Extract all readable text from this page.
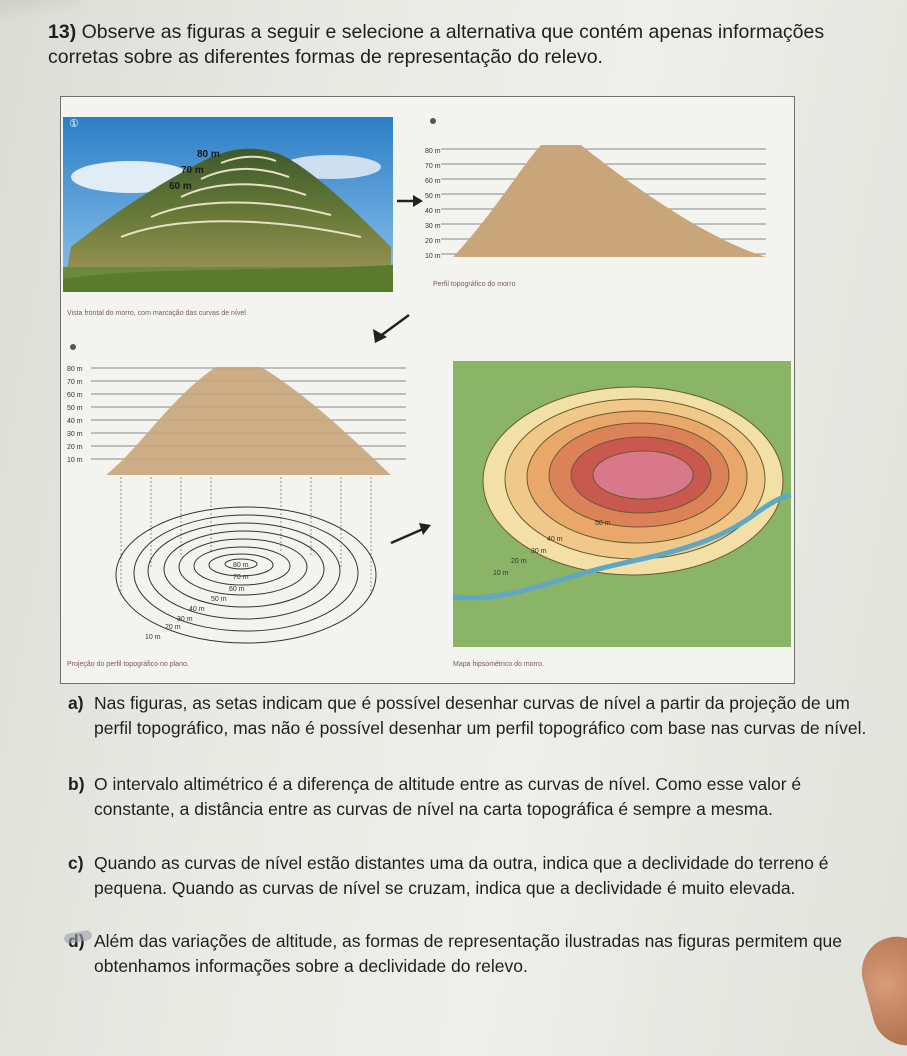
13) Observe as figuras a seguir e selecione a alternativa que contém apenas informações corretas sobre as diferentes formas de representação do relevo.
80 m
70 m
60 m
①
80 m
70 m
60 m
50 m
40 m
30 m
20 m
10 m
80 m
70 m
60 m
50 m
40 m
30 m
20 m
10 m
80 m
70 m
60 m
50 m
40 m
30 m
20 m
10 m
50 m
40 m
30 m
20 m
10 m
Vista frontal do morro, com marcação das curvas de nível
Perfil topográfico do morro
Projeção do perfil topográfico no plano.	Mapa hipsométrico do morro.
a) Nas figuras, as setas indicam que é possível desenhar curvas de nível a partir da projeção de um perfil topográfico, mas não é possível desenhar um perfil topográfico com base nas curvas de nível.
b) O intervalo altimétrico é a diferença de altitude entre as curvas de nível. Como esse valor é constante, a distância entre as curvas de nível na carta topográfica é sempre a mesma.
c) Quando as curvas de nível estão distantes uma da outra, indica que a declividade do terreno é pequena. Quando as curvas de nível se cruzam, indica que a declividade é muito elevada.
Além das variações de altitude, as formas de representação ilustradas nas figuras permitem que obtenhamos informações sobre a declividade do relevo.
